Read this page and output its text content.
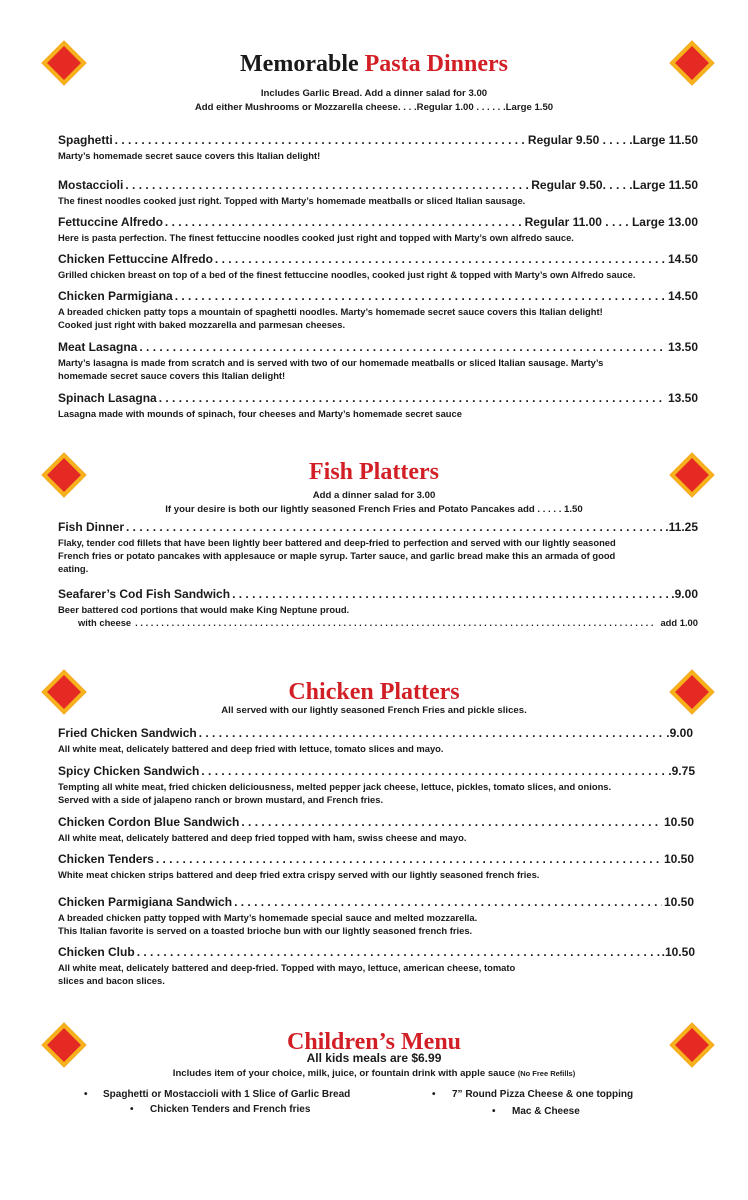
Memorable Pasta Dinners
Includes Garlic Bread. Add a dinner salad for 3.00
Add either Mushrooms or Mozzarella cheese. . . .Regular 1.00 . . . . . .Large 1.50
Spaghetti . . .	Regular 9.50 . . . . .Large 11.50
Marty’s homemade secret sauce covers this Italian delight!
Mostaccioli . . .	Regular 9.50. . . . .Large 11.50
The finest noodles cooked just right. Topped with Marty’s homemade meatballs or sliced Italian sausage.
Fettuccine Alfredo . . .	Regular 11.00 . . . . Large 13.00
Here is pasta perfection. The finest fettuccine noodles cooked just right and topped with Marty’s own alfredo sauce.
Chicken Fettuccine Alfredo . . .	14.50
Grilled chicken breast on top of a bed of the finest fettuccine noodles, cooked just right & topped with Marty’s own Alfredo sauce.
Chicken Parmigiana . . .	14.50
A breaded chicken patty tops a mountain of spaghetti noodles. Marty’s homemade secret sauce covers this Italian delight!
Cooked just right with baked mozzarella and parmesan cheeses.
Meat Lasagna . . .	13.50
Marty’s lasagna is made from scratch and is served with two of our homemade meatballs or sliced Italian sausage. Marty’s
homemade secret sauce covers this Italian delight!
Spinach Lasagna . . .	13.50
Lasagna made with mounds of spinach, four cheeses and Marty’s homemade secret sauce
Fish Platters
Add a dinner salad for 3.00
If your desire is both our lightly seasoned French Fries and Potato Pancakes add . . . . . 1.50
Fish Dinner . . .	.11.25
Flaky, tender cod fillets that have been lightly beer battered and deep-fried to perfection and served with our lightly seasoned
French fries or potato pancakes with applesauce or maple syrup. Tarter sauce, and garlic bread make this an armada of good
eating.
Seafarer’s Cod Fish Sandwich . . .	.9.00
Beer battered cod portions that would make King Neptune proud.
with cheese . . .	add 1.00
Chicken Platters
All served with our lightly seasoned French Fries and pickle slices.
Fried Chicken Sandwich . . .	.9.00
All white meat, delicately battered and deep fried with lettuce, tomato slices and mayo.
Spicy Chicken Sandwich . . .	.9.75
Tempting all white meat, fried chicken deliciousness, melted pepper jack cheese, lettuce, pickles, tomato slices, and onions.
Served with a side of jalapeno ranch or brown mustard, and French fries.
Chicken Cordon Blue Sandwich . . .	10.50
All white meat, delicately battered and deep fried topped with ham, swiss cheese and mayo.
Chicken Tenders . . .	10.50
White meat chicken strips battered and deep fried extra crispy served with our lightly seasoned french fries.
Chicken Parmigiana Sandwich . . .	10.50
A breaded chicken patty topped with Marty’s homemade special sauce and melted mozzarella.
This Italian favorite is served on a toasted brioche bun with our lightly seasoned french fries.
Chicken Club . . .	.10.50
All white meat, delicately battered and deep-fried. Topped with mayo, lettuce, american cheese, tomato
slices and bacon slices.
Children’s Menu
All kids meals are $6.99
Includes item of your choice, milk, juice, or fountain drink with apple sauce (No Free Refills)
• Spaghetti or Mostaccioli with 1 Slice of Garlic Bread
• Chicken Tenders and French fries
• 7” Round Pizza Cheese & one topping
• Mac & Cheese
